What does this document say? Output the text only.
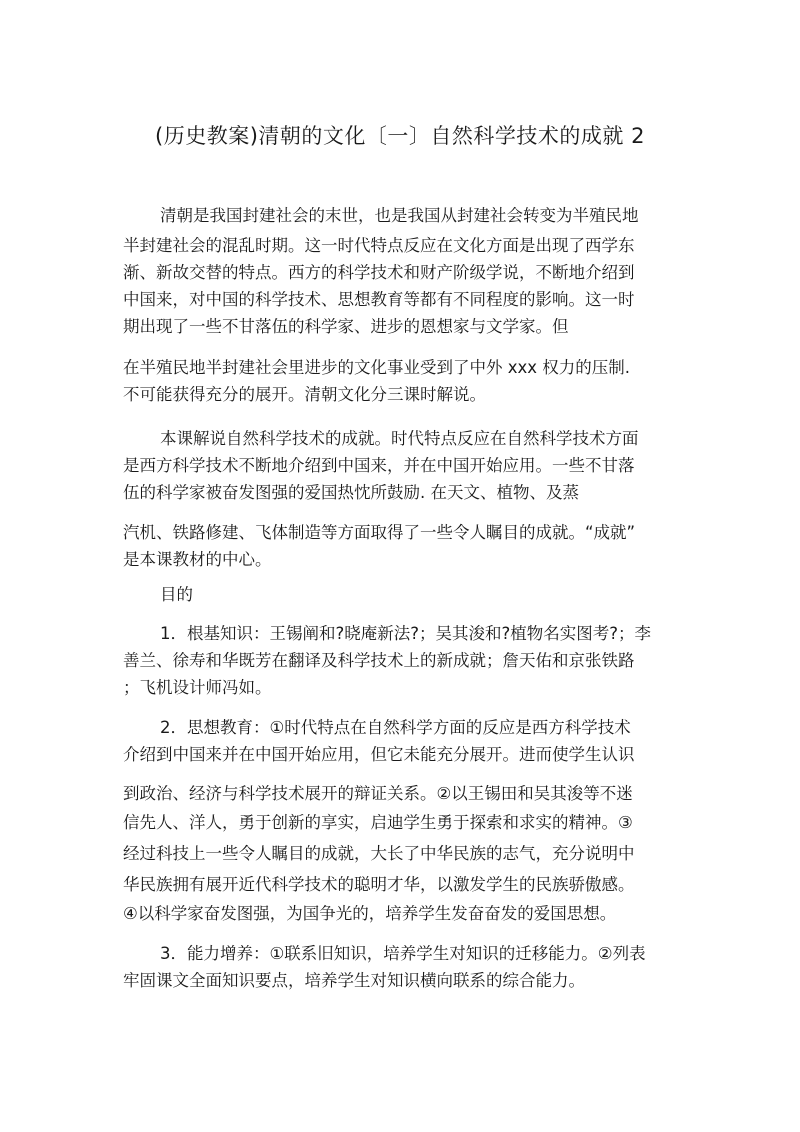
(历史教案)清朝的文化〔一〕自然科学技术的成就 2
清朝是我国封建社会的末世，也是我国从封建社会转变为半殖民地
半封建社会的混乱时期。这一时代特点反应在文化方面是出现了西学东
渐、新故交替的特点。西方的科学技术和财产阶级学说，不断地介绍到
中国来，对中国的科学技术、思想教育等都有不同程度的影响。这一时
期出现了一些不甘落伍的科学家、进步的恩想家与文学家。但
在半殖民地半封建社会里进步的文化事业受到了中外 xxx 权力的压制.
不可能获得充分的展开。清朝文化分三课时解说。
本课解说自然科学技术的成就。时代特点反应在自然科学技术方面
是西方科学技术不断地介绍到中国来，并在中国开始应用。一些不甘落
伍的科学家被奋发图强的爱国热忱所鼓励. 在天文、植物、及蒸
汽机、铁路修建、飞体制造等方面取得了一些令人瞩目的成就。“成就”
是本课教材的中心。
目的
1．根基知识：王锡阐和?晓庵新法?；吴其浚和?植物名实图考?；李
善兰、徐寿和华既芳在翻译及科学技术上的新成就；詹天佑和京张铁路
；飞机设计师冯如。
2．思想教育：①时代特点在自然科学方面的反应是西方科学技术
介绍到中国来并在中国开始应用，但它未能充分展开。进而使学生认识
到政治、经济与科学技术展开的辩证关系。②以王锡田和吴其浚等不迷
信先人、洋人，勇于创新的享实，启迪学生勇于探索和求实的精神。③
经过科技上一些令人瞩目的成就，大长了中华民族的志气，充分说明中
华民族拥有展开近代科学技术的聪明才华，以激发学生的民族骄傲感。
④以科学家奋发图强，为国争光的，培养学生发奋奋发的爱国思想。
3．能力增养：①联系旧知识，培养学生对知识的迁移能力。②列表
牢固课文全面知识要点，培养学生对知识横向联系的综合能力。
